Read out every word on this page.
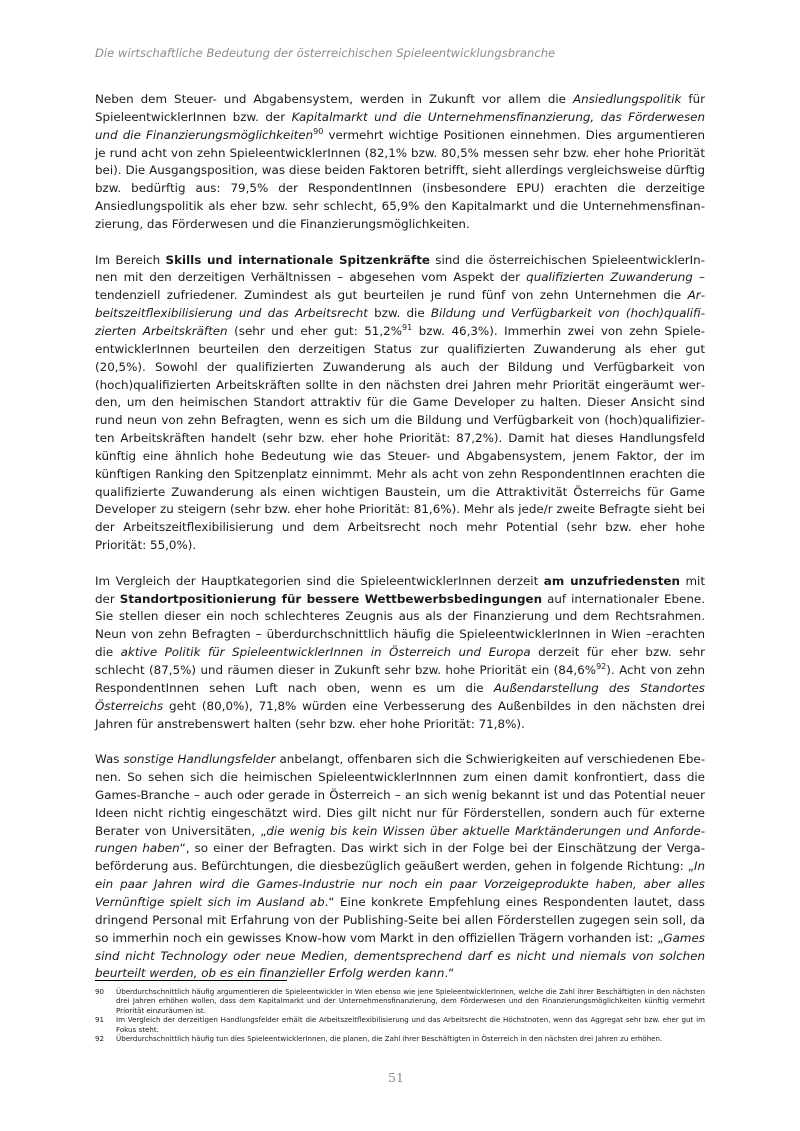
Die wirtschaftliche Bedeutung der österreichischen Spieleentwicklungsbranche

Neben dem Steuer- und Abgabensystem, werden in Zukunft vor allem die Ansiedlungspolitik für SpieleentwicklerInnen bzw. der Kapitalmarkt und die Unternehmensfinanzierung, das Förderwesen und die Finanzierungsmöglichkeiten$^{90}$ vermehrt wichtige Positionen einnehmen. Dies argumentieren je rund acht von zehn SpieleentwicklerInnen (82,1% bzw. 80,5% messen sehr bzw. eher hohe Priorität bei). Die Ausgangsposition, was diese beiden Faktoren betrifft, sieht allerdings vergleichsweise dürftig bzw. bedürftig aus: 79,5% der RespondentInnen (insbesondere EPU) erachten die derzeitige Ansiedlungspolitik als eher bzw. sehr schlecht, 65,9% den Kapitalmarkt und die Unternehmensfinanzierung, das Förderwesen und die Finanzierungsmöglichkeiten.

Im Bereich Skills und internationale Spitzenkräfte sind die österreichischen SpieleentwicklerInnen mit den derzeitigen Verhältnissen – abgesehen vom Aspekt der qualifizierten Zuwanderung – tendenziell zufriedener. Zumindest als gut beurteilen je rund fünf von zehn Unternehmen die Arbeitszeitflexibilisierung und das Arbeitsrecht bzw. die Bildung und Verfügbarkeit von (hoch)qualifizierten Arbeitskräften (sehr und eher gut: 51,2%$^{91}$ bzw. 46,3%). Immerhin zwei von zehn SpieleentwicklerInnen beurteilen den derzeitigen Status zur qualifizierten Zuwanderung als eher gut (20,5%). Sowohl der qualifizierten Zuwanderung als auch der Bildung und Verfügbarkeit von (hoch)qualifizierten Arbeitskräften sollte in den nächsten drei Jahren mehr Priorität eingeräumt werden, um den heimischen Standort attraktiv für die Game Developer zu halten. Dieser Ansicht sind rund neun von zehn Befragten, wenn es sich um die Bildung und Verfügbarkeit von (hoch)qualifizierten Arbeitskräften handelt (sehr bzw. eher hohe Priorität: 87,2%). Damit hat dieses Handlungsfeld künftig eine ähnlich hohe Bedeutung wie das Steuer- und Abgabensystem, jenem Faktor, der im künftigen Ranking den Spitzenplatz einnimmt. Mehr als acht von zehn RespondentInnen erachten die qualifizierte Zuwanderung als einen wichtigen Baustein, um die Attraktivität Österreichs für Game Developer zu steigern (sehr bzw. eher hohe Priorität: 81,6%). Mehr als jede/r zweite Befragte sieht bei der Arbeitszeitflexibilisierung und dem Arbeitsrecht noch mehr Potential (sehr bzw. eher hohe Priorität: 55,0%).

Im Vergleich der Hauptkategorien sind die SpieleentwicklerInnen derzeit am unzufriedensten mit der Standortpositionierung für bessere Wettbewerbsbedingungen auf internationaler Ebene. Sie stellen dieser ein noch schlechteres Zeugnis aus als der Finanzierung und dem Rechtsrahmen. Neun von zehn Befragten – überdurchschnittlich häufig die SpieleentwicklerInnen in Wien –erachten die aktive Politik für SpieleentwicklerInnen in Österreich und Europa derzeit für eher bzw. sehr schlecht (87,5%) und räumen dieser in Zukunft sehr bzw. hohe Priorität ein (84,6%$^{92}$). Acht von zehn RespondentInnen sehen Luft nach oben, wenn es um die Außendarstellung des Standortes Österreichs geht (80,0%), 71,8% würden eine Verbesserung des Außenbildes in den nächsten drei Jahren für anstrebenswert halten (sehr bzw. eher hohe Priorität: 71,8%).

Was sonstige Handlungsfelder anbelangt, offenbaren sich die Schwierigkeiten auf verschiedenen Ebenen. So sehen sich die heimischen SpieleentwicklerInnnen zum einen damit konfrontiert, dass die Games-Branche – auch oder gerade in Österreich – an sich wenig bekannt ist und das Potential neuer Ideen nicht richtig eingeschätzt wird. Dies gilt nicht nur für Förderstellen, sondern auch für externe Berater von Universitäten, „die wenig bis kein Wissen über aktuelle Marktänderungen und Anforderungen haben“, so einer der Befragten. Das wirkt sich in der Folge bei der Einschätzung der Vergabeförderung aus. Befürchtungen, die diesbezüglich geäußert werden, gehen in folgende Richtung: „In ein paar Jahren wird die Games-Industrie nur noch ein paar Vorzeigeprodukte haben, aber alles Vernünftige spielt sich im Ausland ab.“ Eine konkrete Empfehlung eines Respondenten lautet, dass dringend Personal mit Erfahrung von der Publishing-Seite bei allen Förderstellen zugegen sein soll, da so immerhin noch ein gewisses Know-how vom Markt in den offiziellen Trägern vorhanden ist: „Games sind nicht Technology oder neue Medien, dementsprechend darf es nicht und niemals von solchen beurteilt werden, ob es ein finanzieller Erfolg werden kann.“

90	Überdurchschnittlich häufig argumentieren die Spieleentwickler in Wien ebenso wie jene SpieleentwicklerInnen, welche die Zahl ihrer Beschäftigten in den nächsten drei Jahren erhöhen wollen, dass dem Kapitalmarkt und der Unternehmensfinanzierung, dem Förderwesen und den Finanzierungsmöglichkeiten künftig vermehrt Priorität einzuräumen ist.
91	Im Vergleich der derzeitigen Handlungsfelder erhält die Arbeitszeitflexibilisierung und das Arbeitsrecht die Höchstnoten, wenn das Aggregat sehr bzw. eher gut im Fokus steht.
92	Überdurchschnittlich häufig tun dies SpieleentwicklerInnen, die planen, die Zahl ihrer Beschäftigten in Österreich in den nächsten drei Jahren zu erhöhen.
51
